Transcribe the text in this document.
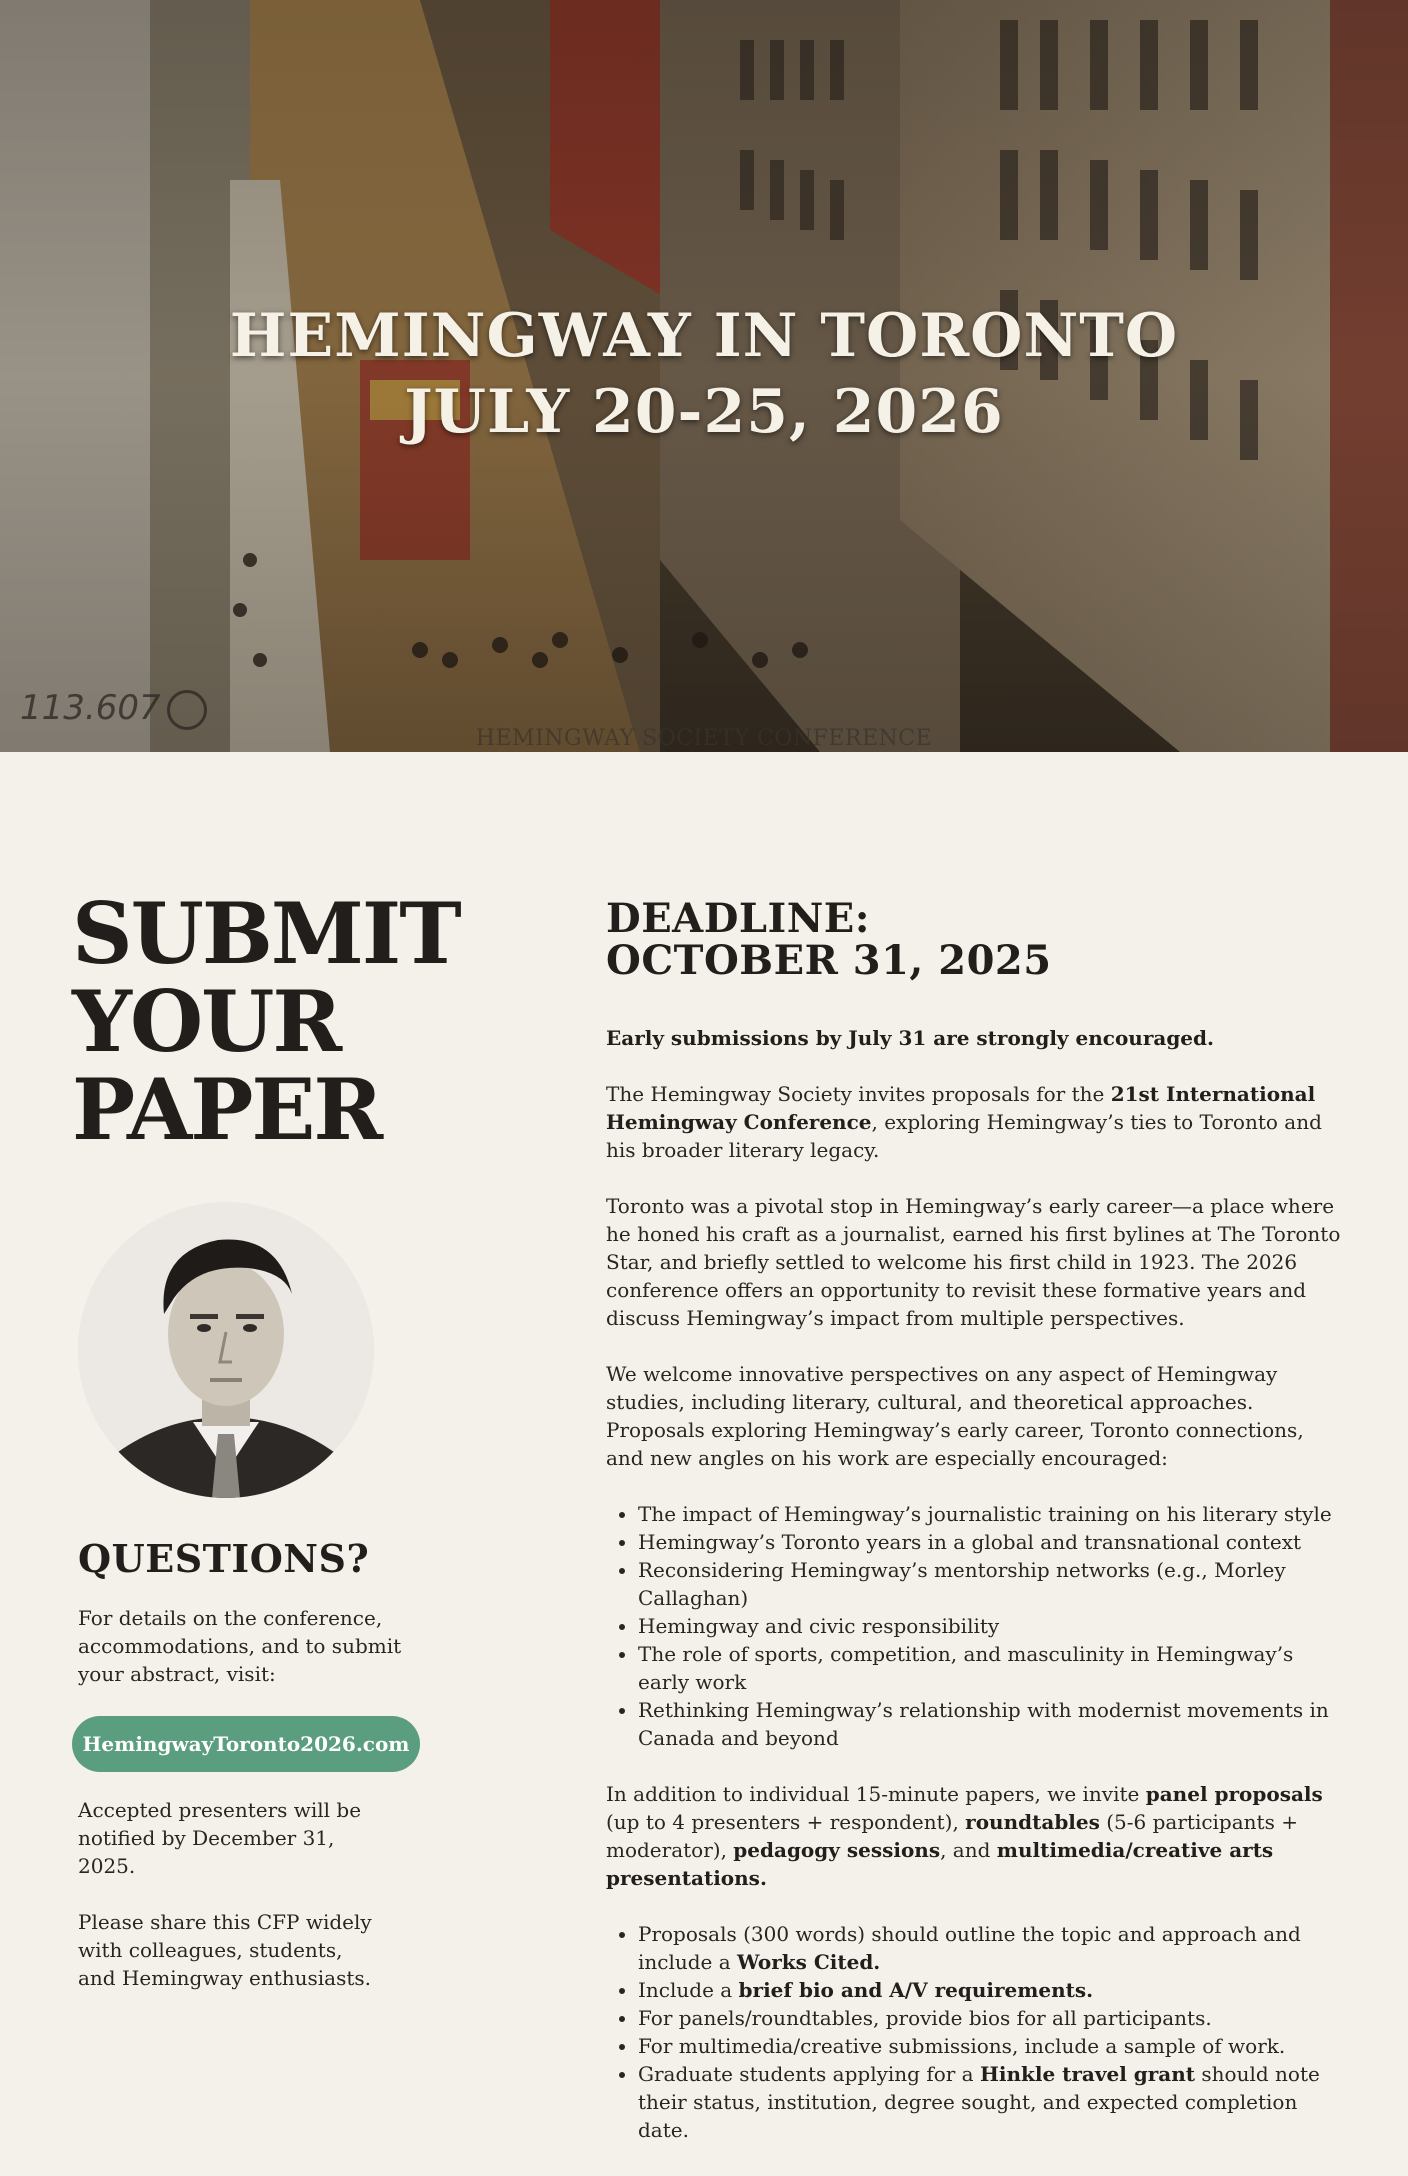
HEMINGWAY IN TORONTO
JULY 20-25, 2026
113.607
HEMINGWAY SOCIETY CONFERENCE
SUBMIT
YOUR
PAPER
QUESTIONS?
For details on the conference, accommodations, and to submit your abstract, visit:
HemingwayToronto2026.com
Accepted presenters will be notified by December 31, 2025.
Please share this CFP widely with colleagues, students, and Hemingway enthusiasts.
DEADLINE:
OCTOBER 31, 2025

Early submissions by July 31 are strongly encouraged.

The Hemingway Society invites proposals for the 21st International Hemingway Conference, exploring Hemingway’s ties to Toronto and his broader literary legacy.

Toronto was a pivotal stop in Hemingway’s early career—a place where he honed his craft as a journalist, earned his first bylines at The Toronto Star, and briefly settled to welcome his first child in 1923. The 2026 conference offers an opportunity to revisit these formative years and discuss Hemingway’s impact from multiple perspectives.

We welcome innovative perspectives on any aspect of Hemingway studies, including literary, cultural, and theoretical approaches. Proposals exploring Hemingway’s early career, Toronto connections, and new angles on his work are especially encouraged:

• The impact of Hemingway’s journalistic training on his literary style
• Hemingway’s Toronto years in a global and transnational context
• Reconsidering Hemingway’s mentorship networks (e.g., Morley Callaghan)
• Hemingway and civic responsibility
• The role of sports, competition, and masculinity in Hemingway’s early work
• Rethinking Hemingway’s relationship with modernist movements in Canada and beyond

In addition to individual 15-minute papers, we invite panel proposals (up to 4 presenters + respondent), roundtables (5-6 participants + moderator), pedagogy sessions, and multimedia/creative arts presentations.

• Proposals (300 words) should outline the topic and approach and include a Works Cited.
• Include a brief bio and A/V requirements.
• For panels/roundtables, provide bios for all participants.
• For multimedia/creative submissions, include a sample of work.
• Graduate students applying for a Hinkle travel grant should note their status, institution, degree sought, and expected completion date.
